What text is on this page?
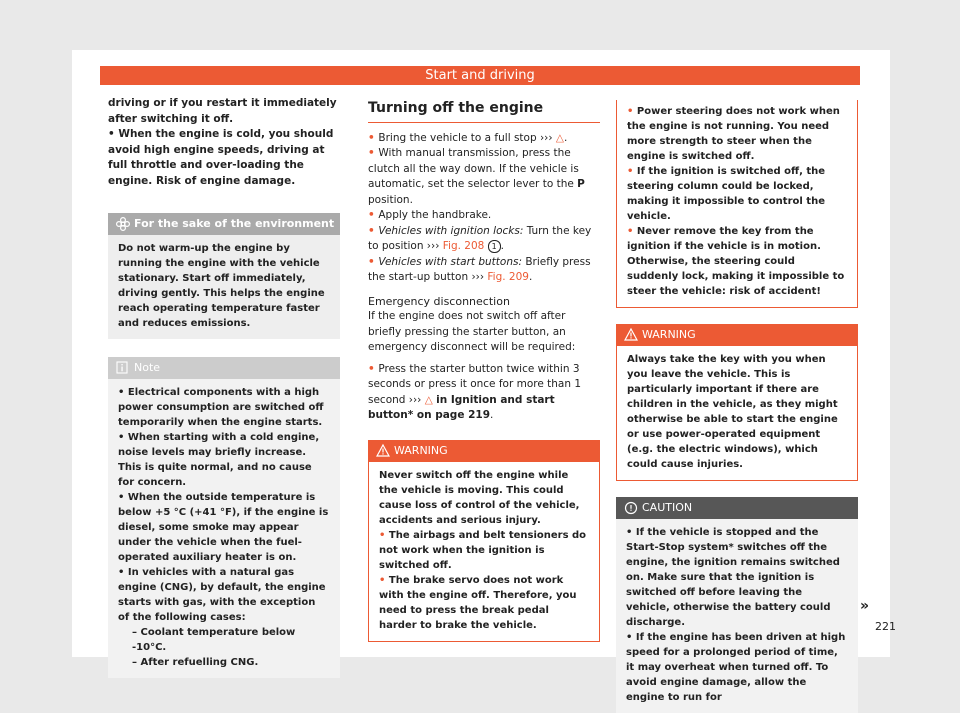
Start and driving

driving or if you restart it immediately after switching it off.

• When the engine is cold, you should avoid high engine speeds, driving at full throttle and over-loading the engine. Risk of engine damage.

For the sake of the environment
Do not warm-up the engine by running the engine with the vehicle stationary. Start off immediately, driving gently. This helps the engine reach operating temperature faster and reduces emissions.
Note

• Electrical components with a high power consumption are switched off temporarily when the engine starts.

• When starting with a cold engine, noise levels may briefly increase. This is quite normal, and no cause for concern.

• When the outside temperature is below +5 °C (+41 °F), if the engine is diesel, some smoke may appear under the vehicle when the fuel-operated auxiliary heater is on.

• In vehicles with a natural gas engine (CNG), by default, the engine starts with gas, with the exception of the following cases:

– Coolant temperature below -10°C.

– After refuelling CNG.

Turning off the engine

• Bring the vehicle to a full stop ››› △.

• With manual transmission, press the clutch all the way down. If the vehicle is automatic, set the selector lever to the P position.

• Apply the handbrake.

• Vehicles with ignition locks: Turn the key to position ››› Fig. 208 1 .

• Vehicles with start buttons: Briefly press the start-up button ››› Fig. 209.

Emergency disconnection

If the engine does not switch off after briefly pressing the starter button, an emergency disconnect will be required:

• Press the starter button twice within 3 seconds or press it once for more than 1 second ››› △ in Ignition and start button* on page 219.

WARNING

Never switch off the engine while the vehicle is moving. This could cause loss of control of the vehicle, accidents and serious injury.

• The airbags and belt tensioners do not work when the ignition is switched off.

• The brake servo does not work with the engine off. Therefore, you need to press the break pedal harder to brake the vehicle.

• Power steering does not work when the engine is not running. You need more strength to steer when the engine is switched off.

• If the ignition is switched off, the steering column could be locked, making it impossible to control the vehicle.

• Never remove the key from the ignition if the vehicle is in motion. Otherwise, the steering could suddenly lock, making it impossible to steer the vehicle: risk of accident!

WARNING
Always take the key with you when you leave the vehicle. This is particularly important if there are children in the vehicle, as they might otherwise be able to start the engine or use power-operated equipment (e.g. the electric windows), which could cause injuries.
CAUTION

• If the vehicle is stopped and the Start-Stop system* switches off the engine, the ignition remains switched on. Make sure that the ignition is switched off before leaving the vehicle, otherwise the battery could discharge.

• If the engine has been driven at high speed for a prolonged period of time, it may overheat when turned off. To avoid engine damage, allow the engine to run for

»
221
